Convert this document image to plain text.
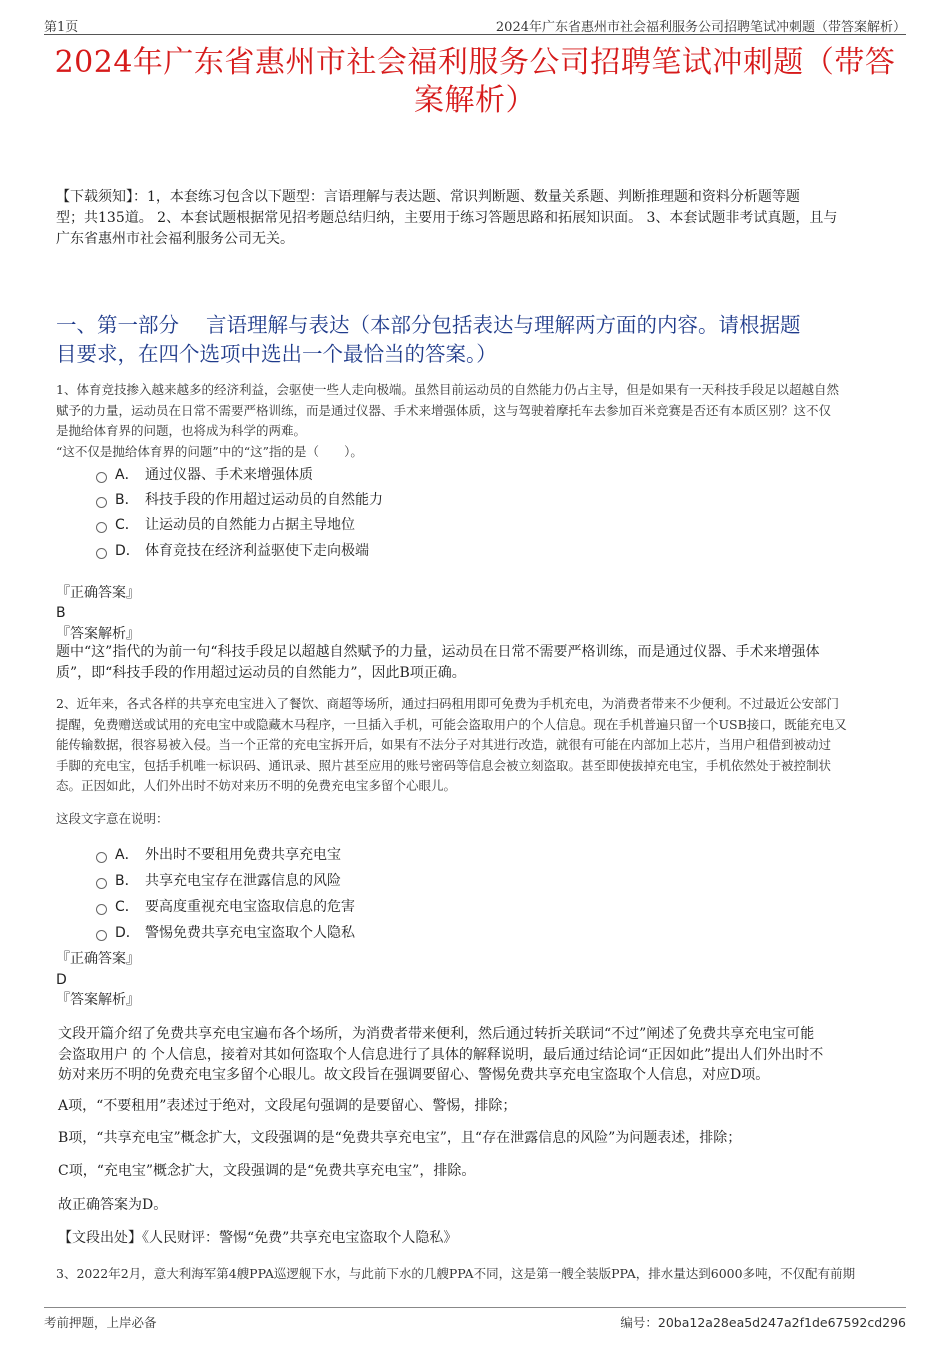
第1页	2024年广东省惠州市社会福利服务公司招聘笔试冲刺题（带答案解析）
2024年广东省惠州市社会福利服务公司招聘笔试冲刺题（带答
案解析）
【下载须知】：1，本套练习包含以下题型：言语理解与表达题、常识判断题、数量关系题、判断推理题和资料分析题等题
型；共135道。 2、本套试题根据常见招考题总结归纳，主要用于练习答题思路和拓展知识面。 3、本套试题非考试真题，且与
广东省惠州市社会福利服务公司无关。
一、第一部分　 言语理解与表达（本部分包括表达与理解两方面的内容。请根据题
目要求，在四个选项中选出一个最恰当的答案。）
1、体育竞技掺入越来越多的经济利益，会驱使一些人走向极端。虽然目前运动员的自然能力仍占主导，但是如果有一天科技手段足以超越自然
赋予的力量，运动员在日常不需要严格训练，而是通过仪器、手术来增强体质，这与驾驶着摩托车去参加百米竞赛是否还有本质区别？这不仅
是抛给体育界的问题，也将成为科学的两难。
“这不仅是抛给体育界的问题”中的“这”指的是（　　）。
A． 通过仪器、手术来增强体质
B． 科技手段的作用超过运动员的自然能力
C． 让运动员的自然能力占据主导地位
D． 体育竞技在经济利益驱使下走向极端
『正确答案』
B
『答案解析』
题中“这”指代的为前一句“科技手段足以超越自然赋予的力量，运动员在日常不需要严格训练，而是通过仪器、手术来增强体
质”，即“科技手段的作用超过运动员的自然能力”，因此B项正确。
2、近年来，各式各样的共享充电宝进入了餐饮、商超等场所，通过扫码租用即可免费为手机充电，为消费者带来不少便利。不过最近公安部门
提醒，免费赠送或试用的充电宝中或隐藏木马程序，一旦插入手机，可能会盗取用户的个人信息。现在手机普遍只留一个USB接口，既能充电又
能传输数据，很容易被入侵。当一个正常的充电宝拆开后，如果有不法分子对其进行改造，就很有可能在内部加上芯片，当用户租借到被动过
手脚的充电宝，包括手机唯一标识码、通讯录、照片甚至应用的账号密码等信息会被立刻盗取。甚至即使拔掉充电宝，手机依然处于被控制状
态。正因如此，人们外出时不妨对来历不明的免费充电宝多留个心眼儿。
这段文字意在说明：
A． 外出时不要租用免费共享充电宝
B． 共享充电宝存在泄露信息的风险
C． 要高度重视充电宝盗取信息的危害
D． 警惕免费共享充电宝盗取个人隐私
『正确答案』
D
『答案解析』
文段开篇介绍了免费共享充电宝遍布各个场所，为消费者带来便利，然后通过转折关联词“不过”阐述了免费共享充电宝可能
会盗取用户 的 个人信息，接着对其如何盗取个人信息进行了具体的解释说明，最后通过结论词“正因如此”提出人们外出时不
妨对来历不明的免费充电宝多留个心眼儿。故文段旨在强调要留心、警惕免费共享充电宝盗取个人信息，对应D项。
A项，“不要租用”表述过于绝对，文段尾句强调的是要留心、警惕，排除；
B项，“共享充电宝”概念扩大，文段强调的是“免费共享充电宝”，且“存在泄露信息的风险”为问题表述，排除；
C项，“充电宝”概念扩大，文段强调的是“免费共享充电宝”，排除。
故正确答案为D。
【文段出处】《人民财评：警惕“免费”共享充电宝盗取个人隐私》
3、2022年2月，意大利海军第4艘PPA巡逻舰下水，与此前下水的几艘PPA不同，这是第一艘全装版PPA，排水量达到6000多吨，不仅配有前期
考前押题，上岸必备	编号：20ba12a28ea5d247a2f1de67592cd296
